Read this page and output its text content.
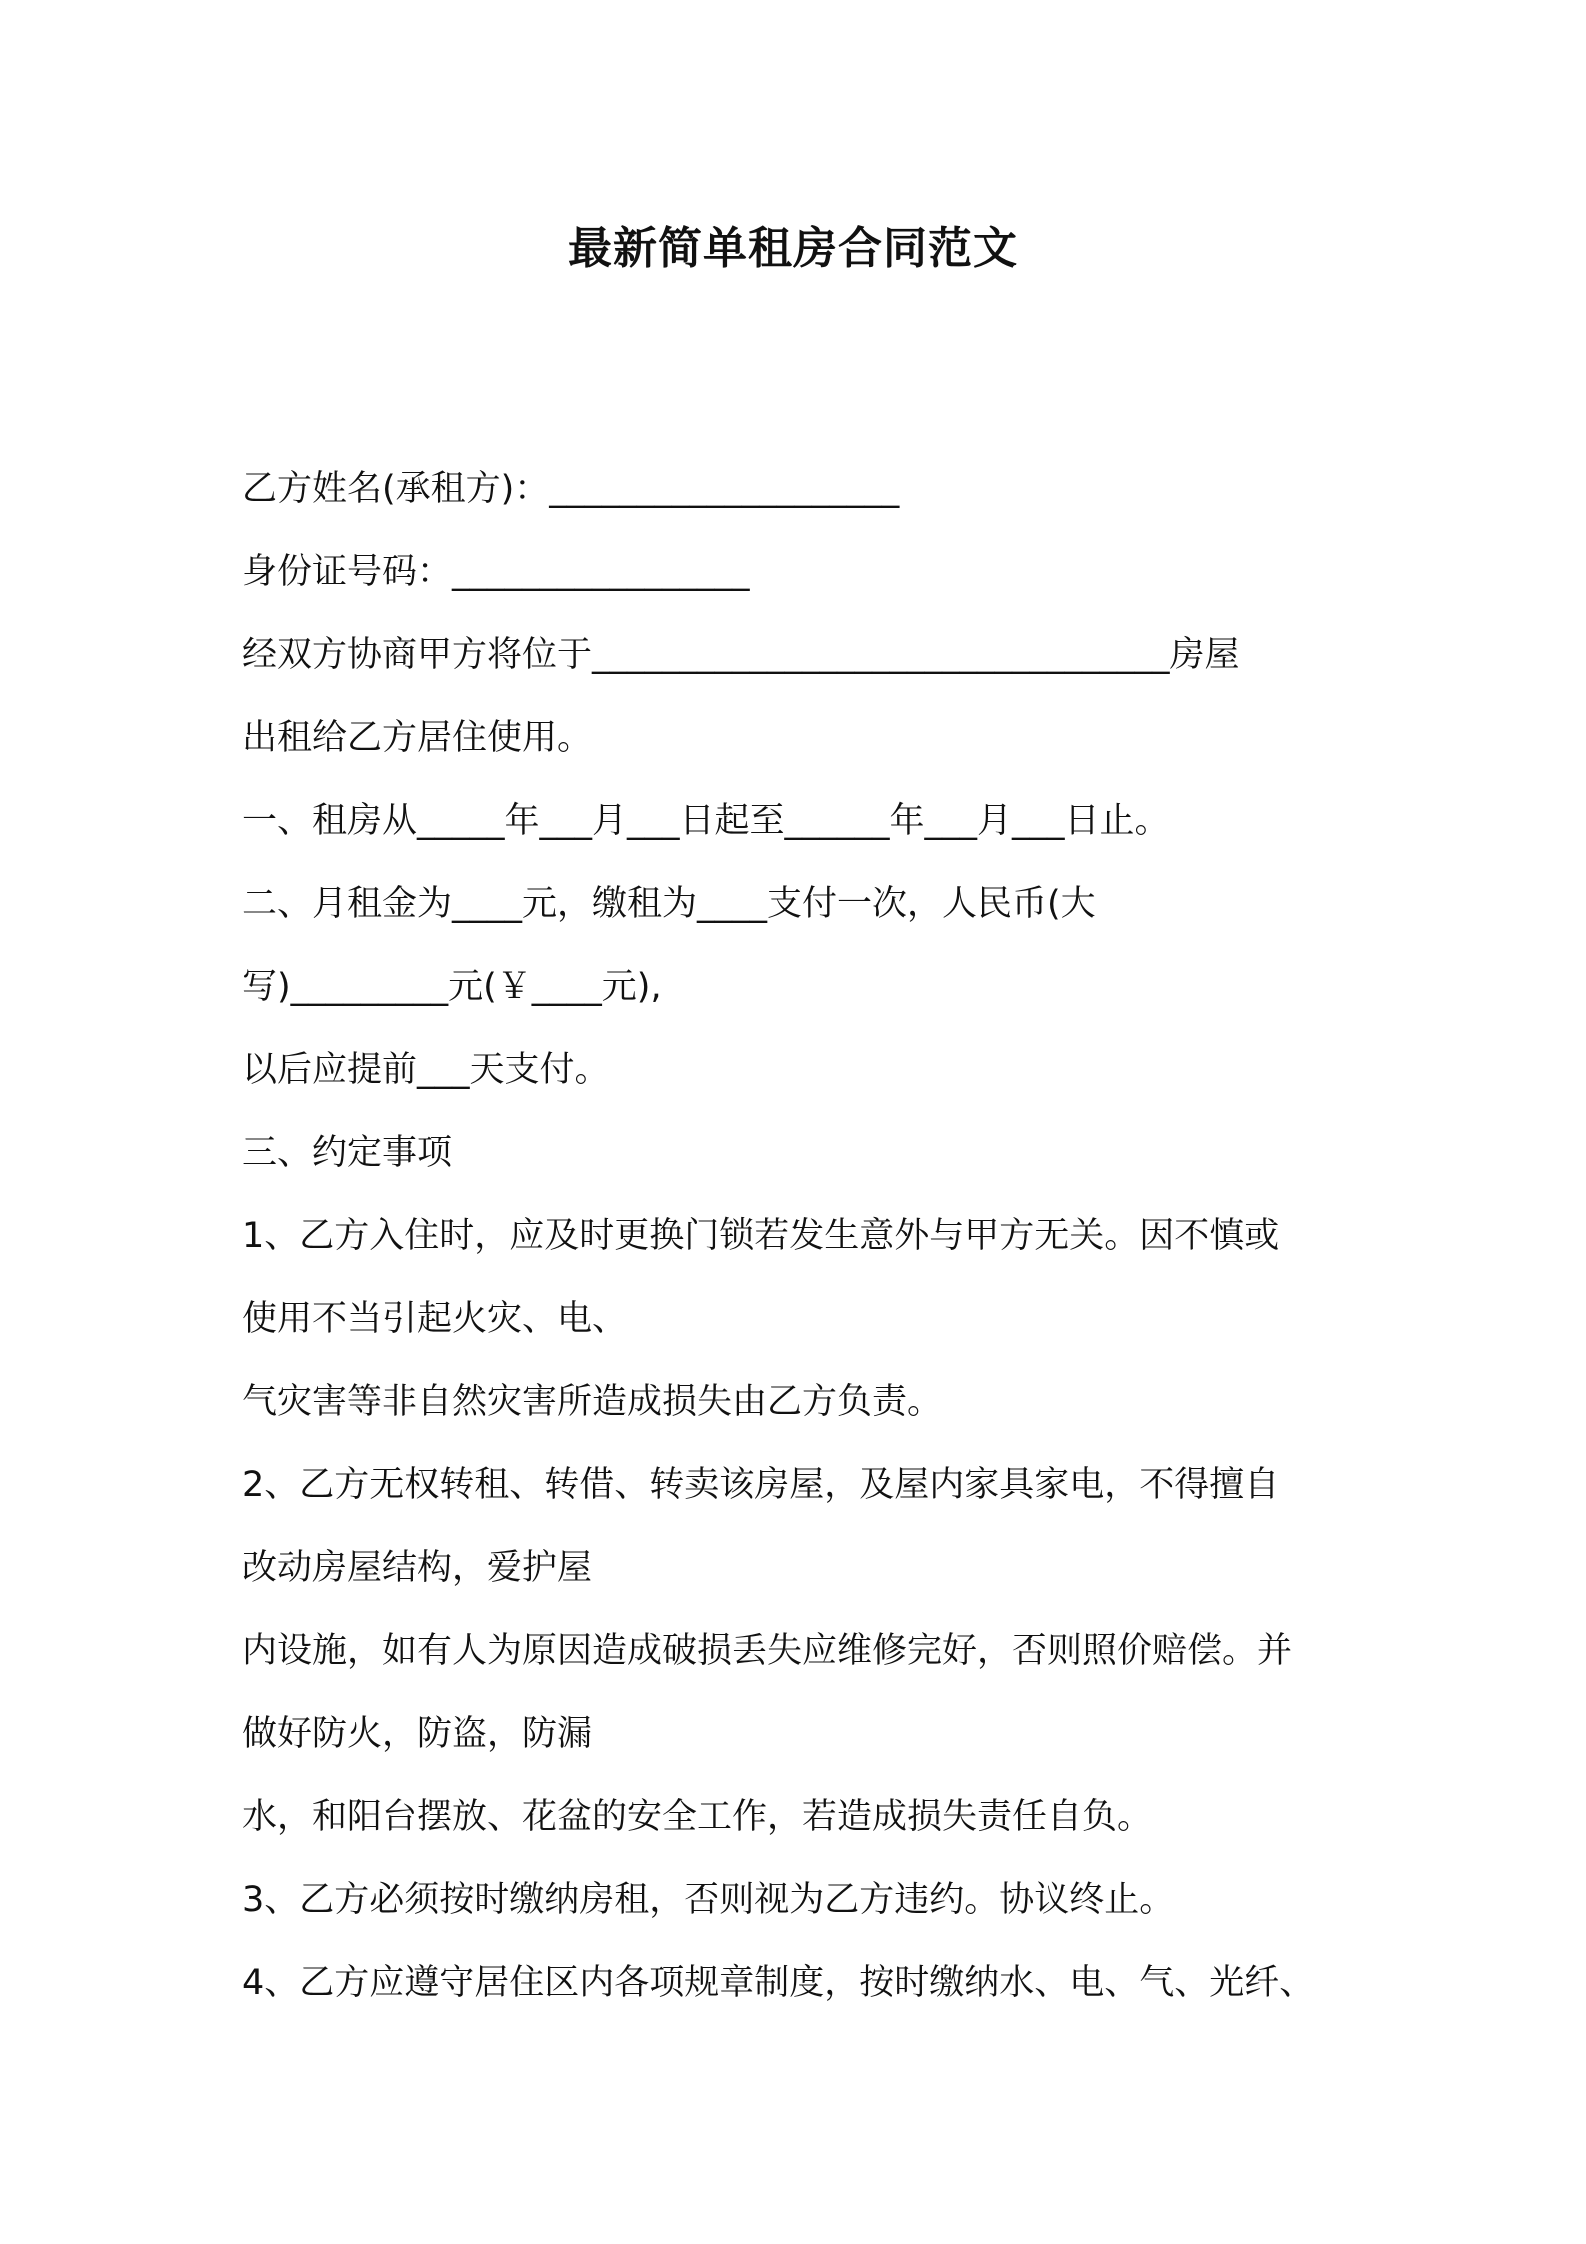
最新简单租房合同范文
乙方姓名(承租方)：____________________
身份证号码：_________________
经双方协商甲方将位于_________________________________房屋
出租给乙方居住使用。
一、租房从_____年___月___日起至______年___月___日止。
二、月租金为____元，缴租为____支付一次，人民币(大
写)_________元(￥____元),
以后应提前___天支付。
三、约定事项
1、乙方入住时，应及时更换门锁若发生意外与甲方无关。因不慎或
使用不当引起火灾、电、
气灾害等非自然灾害所造成损失由乙方负责。
2、乙方无权转租、转借、转卖该房屋，及屋内家具家电，不得擅自
改动房屋结构，爱护屋
内设施，如有人为原因造成破损丢失应维修完好，否则照价赔偿。并
做好防火，防盗，防漏
水，和阳台摆放、花盆的安全工作，若造成损失责任自负。
3、乙方必须按时缴纳房租，否则视为乙方违约。协议终止。
4、乙方应遵守居住区内各项规章制度，按时缴纳水、电、气、光纤、
